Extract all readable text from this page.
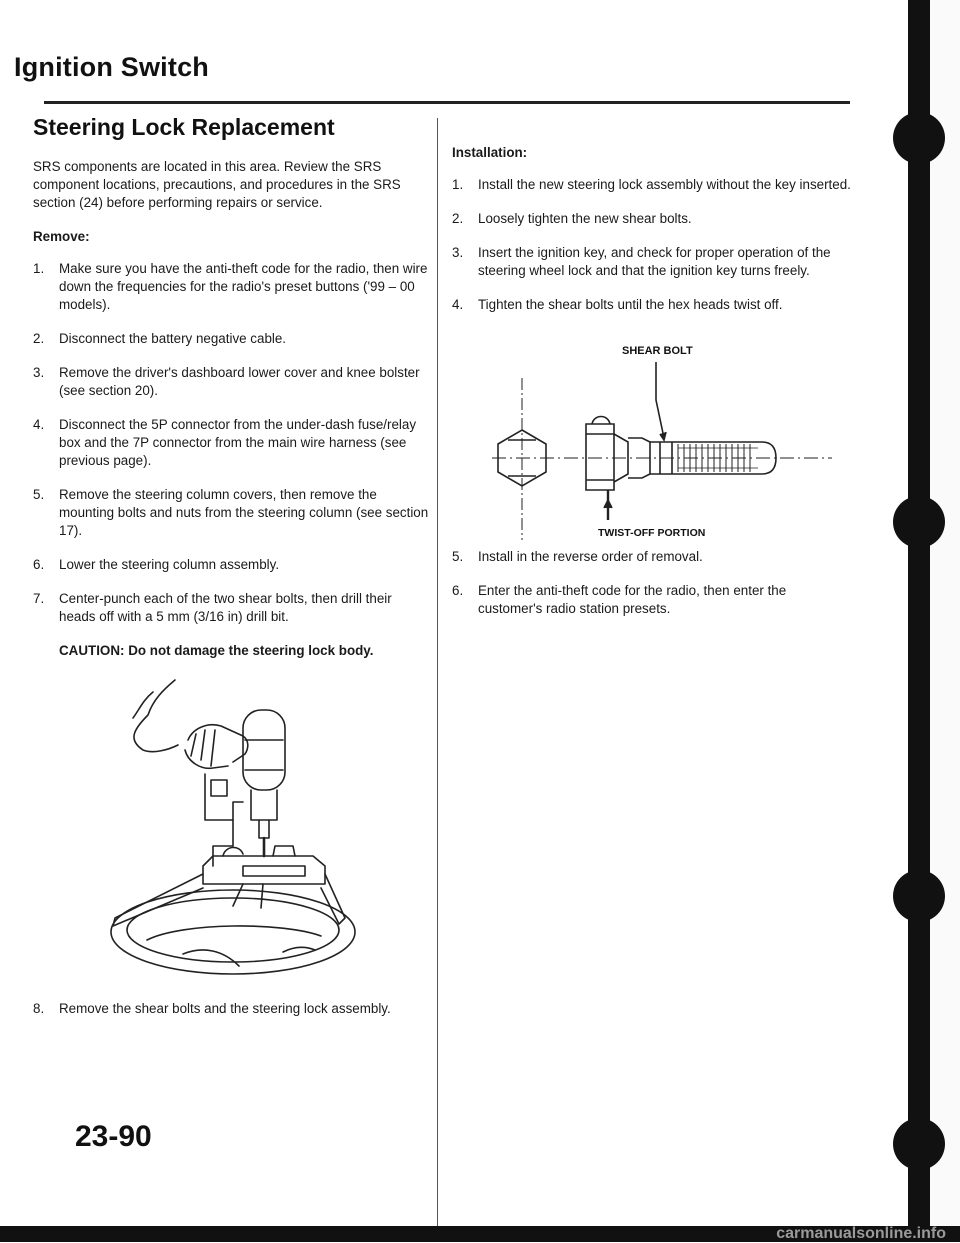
Ignition Switch
Steering Lock Replacement

SRS components are located in this area. Review the SRS component locations, precautions, and procedures in the SRS section (24) before performing repairs or service.

Remove:

1.	Make sure you have the anti-theft code for the radio, then wire down the frequencies for the radio's preset buttons ('99 – 00 models).
2.	Disconnect the battery negative cable.
3.	Remove the driver's dashboard lower cover and knee bolster (see section 20).
4.	Disconnect the 5P connector from the under-dash fuse/relay box and the 7P connector from the main wire harness (see previous page).
5.	Remove the steering column covers, then remove the mounting bolts and nuts from the steering column (see section 17).
6.	Lower the steering column assembly.
7.	Center-punch each of the two shear bolts, then drill their heads off with a 5 mm (3/16 in) drill bit.

CAUTION: Do not damage the steering lock body.

8.	Remove the shear bolts and the steering lock assembly.

Installation:

1.	Install the new steering lock assembly without the key inserted.
2.	Loosely tighten the new shear bolts.
3.	Insert the ignition key, and check for proper operation of the steering wheel lock and that the ignition key turns freely.
4.	Tighten the shear bolts until the hex heads twist off.
SHEAR BOLT
TWIST-OFF PORTION
5.	Install in the reverse order of removal.
6.	Enter the anti-theft code for the radio, then enter the customer's radio station presets.

23-90

carmanualsonline.info
